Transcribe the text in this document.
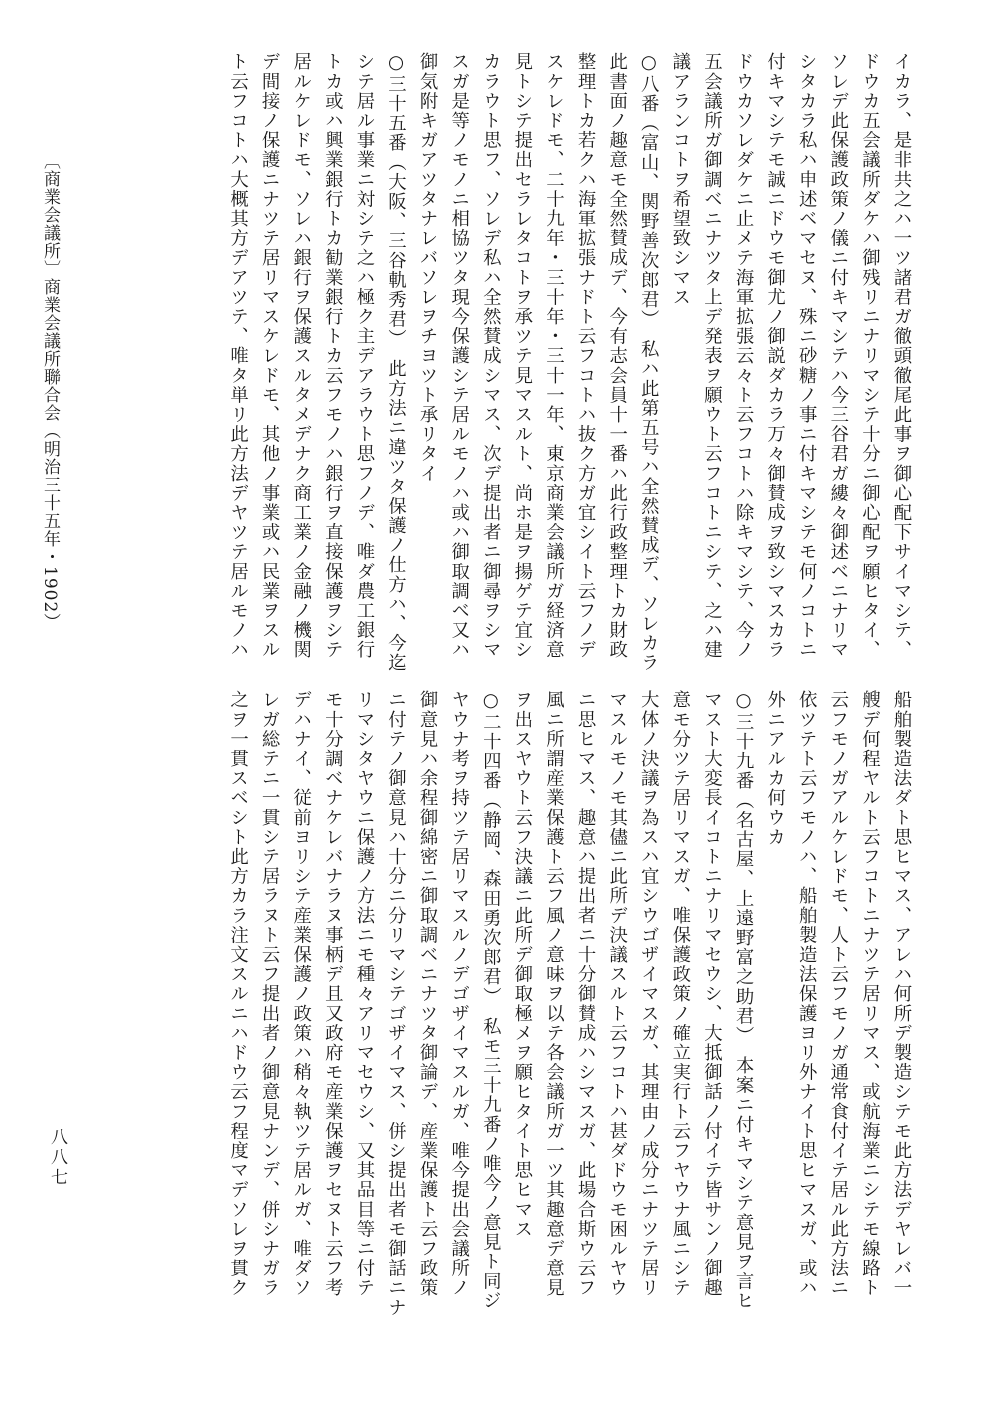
イカラ、是非共之ハ一ツ諸君ガ徹頭徹尾此事ヲ御心配下サイマシテ、
ドウカ五会議所ダケハ御残リニナリマシテ十分ニ御心配ヲ願ヒタイ、
ソレデ此保護政策ノ儀ニ付キマシテハ今三谷君ガ縷々御述ベニナリマ
シタカラ私ハ申述ベマセヌ、殊ニ砂糖ノ事ニ付キマシテモ何ノコトニ
付キマシテモ誠ニドウモ御尤ノ御説ダカラ万々御賛成ヲ致シマスカラ
ドウカソレダケニ止メテ海軍拡張云々ト云フコトハ除キマシテ、今ノ
五会議所ガ御調ベニナツタ上デ発表ヲ願ウト云フコトニシテ、之ハ建
議アランコトヲ希望致シマス
○八番（富山、関野善次郎君）　私ハ此第五号ハ全然賛成デ、ソレカラ
此書面ノ趣意モ全然賛成デ、今有志会員十一番ハ此行政整理トカ財政
整理トカ若クハ海軍拡張ナドト云フコトハ抜ク方ガ宜シイト云フノデ
スケレドモ、二十九年・三十年・三十一年、東京商業会議所ガ経済意
見トシテ提出セラレタコトヲ承ツテ見マスルト、尚ホ是ヲ揚ゲテ宜シ
カラウト思フ、ソレデ私ハ全然賛成シマス、次デ提出者ニ御尋ヲシマ
スガ是等ノモノニ相協ツタ現今保護シテ居ルモノハ或ハ御取調ベ又ハ
御気附キガアツタナレバソレヲチヨツト承リタイ
○三十五番（大阪、三谷軌秀君）　此方法ニ違ツタ保護ノ仕方ハ、今迄
シテ居ル事業ニ対シテ之ハ極ク主デアラウト思フノデ、唯ダ農工銀行
トカ或ハ興業銀行トカ勧業銀行トカ云フモノハ銀行ヲ直接保護ヲシテ
居ルケレドモ、ソレハ銀行ヲ保護スルタメデナク商工業ノ金融ノ機関
デ間接ノ保護ニナツテ居リマスケレドモ、其他ノ事業或ハ民業ヲスル
ト云フコトハ大概其方デアツテ、唯タ単リ此方法デヤツテ居ルモノハ
船舶製造法ダト思ヒマス、アレハ何所デ製造シテモ此方法デヤレバ一
艘デ何程ヤルト云フコトニナツテ居リマス、或航海業ニシテモ線路ト
云フモノガアルケレドモ、人ト云フモノガ通常食付イテ居ル此方法ニ
依ツテト云フモノハ、船舶製造法保護ヨリ外ナイト思ヒマスガ、或ハ
外ニアルカ何ウカ
○三十九番（名古屋、上遠野富之助君）　本案ニ付キマシテ意見ヲ言ヒ
マスト大変長イコトニナリマセウシ、大抵御話ノ付イテ皆サンノ御趣
意モ分ツテ居リマスガ、唯保護政策ノ確立実行ト云フヤウナ風ニシテ
大体ノ決議ヲ為スハ宜シウゴザイマスガ、其理由ノ成分ニナツテ居リ
マスルモノモ其儘ニ此所デ決議スルト云フコトハ甚ダドウモ困ルヤウ
ニ思ヒマス、趣意ハ提出者ニ十分御賛成ハシマスガ、此場合斯ウ云フ
風ニ所謂産業保護ト云フ風ノ意味ヲ以テ各会議所ガ一ツ其趣意デ意見
ヲ出スヤウト云フ決議ニ此所デ御取極メヲ願ヒタイト思ヒマス
○二十四番（静岡、森田勇次郎君）　私モ三十九番ノ唯今ノ意見ト同ジ
ヤウナ考ヲ持ツテ居リマスルノデゴザイマスルガ、唯今提出会議所ノ
御意見ハ余程御綿密ニ御取調ベニナツタ御論デ、産業保護ト云フ政策
ニ付テノ御意見ハ十分ニ分リマシテゴザイマス、併シ提出者モ御話ニナ
リマシタヤウニ保護ノ方法ニモ種々アリマセウシ、又其品目等ニ付テ
モ十分調ベナケレバナラヌ事柄デ且又政府モ産業保護ヲセヌト云フ考
デハナイ、従前ヨリシテ産業保護ノ政策ハ稍々執ツテ居ルガ、唯ダソ
レガ総テニ一貫シテ居ラヌト云フ提出者ノ御意見ナンデ、併シナガラ
之ヲ一貫スベシト此方カラ注文スルニハドウ云フ程度マデソレヲ貫ク
〔商業会議所〕商業会議所聯合会（明治三十五年・1902）
八八七
